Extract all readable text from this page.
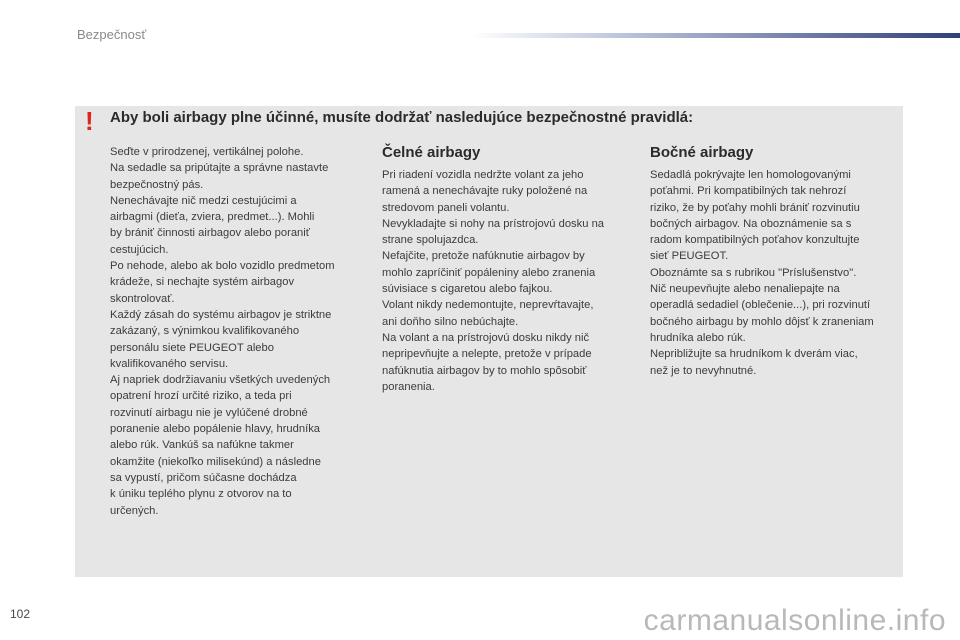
Bezpečnosť
! Aby boli airbagy plne účinné, musíte dodržať nasledujúce bezpečnostné pravidlá:

Seďte v prirodzenej, vertikálnej polohe.

Na sedadle sa pripútajte a správne nastavte

bezpečnostný pás.

Nenechávajte nič medzi cestujúcimi a

airbagmi (dieťa, zviera, predmet...). Mohli

by brániť činnosti airbagov alebo poraniť

cestujúcich.

Po nehode, alebo ak bolo vozidlo predmetom

krádeže, si nechajte systém airbagov

skontrolovať.

Každý zásah do systému airbagov je striktne

zakázaný, s výnimkou kvalifikovaného

personálu siete PEUGEOT alebo

kvalifikovaného servisu.

Aj napriek dodržiavaniu všetkých uvedených

opatrení hrozí určité riziko, a teda pri

rozvinutí airbagu nie je vylúčené drobné

poranenie alebo popálenie hlavy, hrudníka

alebo rúk. Vankúš sa nafúkne takmer

okamžite (niekoľko milisekúnd) a následne

sa vypustí, pričom súčasne dochádza

k úniku teplého plynu z otvorov na to

určených.

Čelné airbagy

Pri riadení vozidla nedržte volant za jeho

ramená a nenechávajte ruky položené na

stredovom paneli volantu.

Nevykladajte si nohy na prístrojovú dosku na

strane spolujazdca.

Nefajčite, pretože nafúknutie airbagov by

mohlo zapríčiniť popáleniny alebo zranenia

súvisiace s cigaretou alebo fajkou.

Volant nikdy nedemontujte, neprevŕtavajte,

ani doňho silno nebúchajte.

Na volant a na prístrojovú dosku nikdy nič

nepripevňujte a nelepte, pretože v prípade

nafúknutia airbagov by to mohlo spôsobiť

poranenia.

Bočné airbagy

Sedadlá pokrývajte len homologovanými

poťahmi. Pri kompatibilných tak nehrozí

riziko, že by poťahy mohli brániť rozvinutiu

bočných airbagov. Na oboznámenie sa s

radom kompatibilných poťahov konzultujte

sieť PEUGEOT.

Oboznámte sa s rubrikou "Príslušenstvo".

Nič neupevňujte alebo nenaliepajte na

operadlá sedadiel (oblečenie...), pri rozvinutí

bočného airbagu by mohlo dôjsť k zraneniam

hrudníka alebo rúk.

Nepribližujte sa hrudníkom k dverám viac,

než je to nevyhnutné.

102	carmanualsonline.info
